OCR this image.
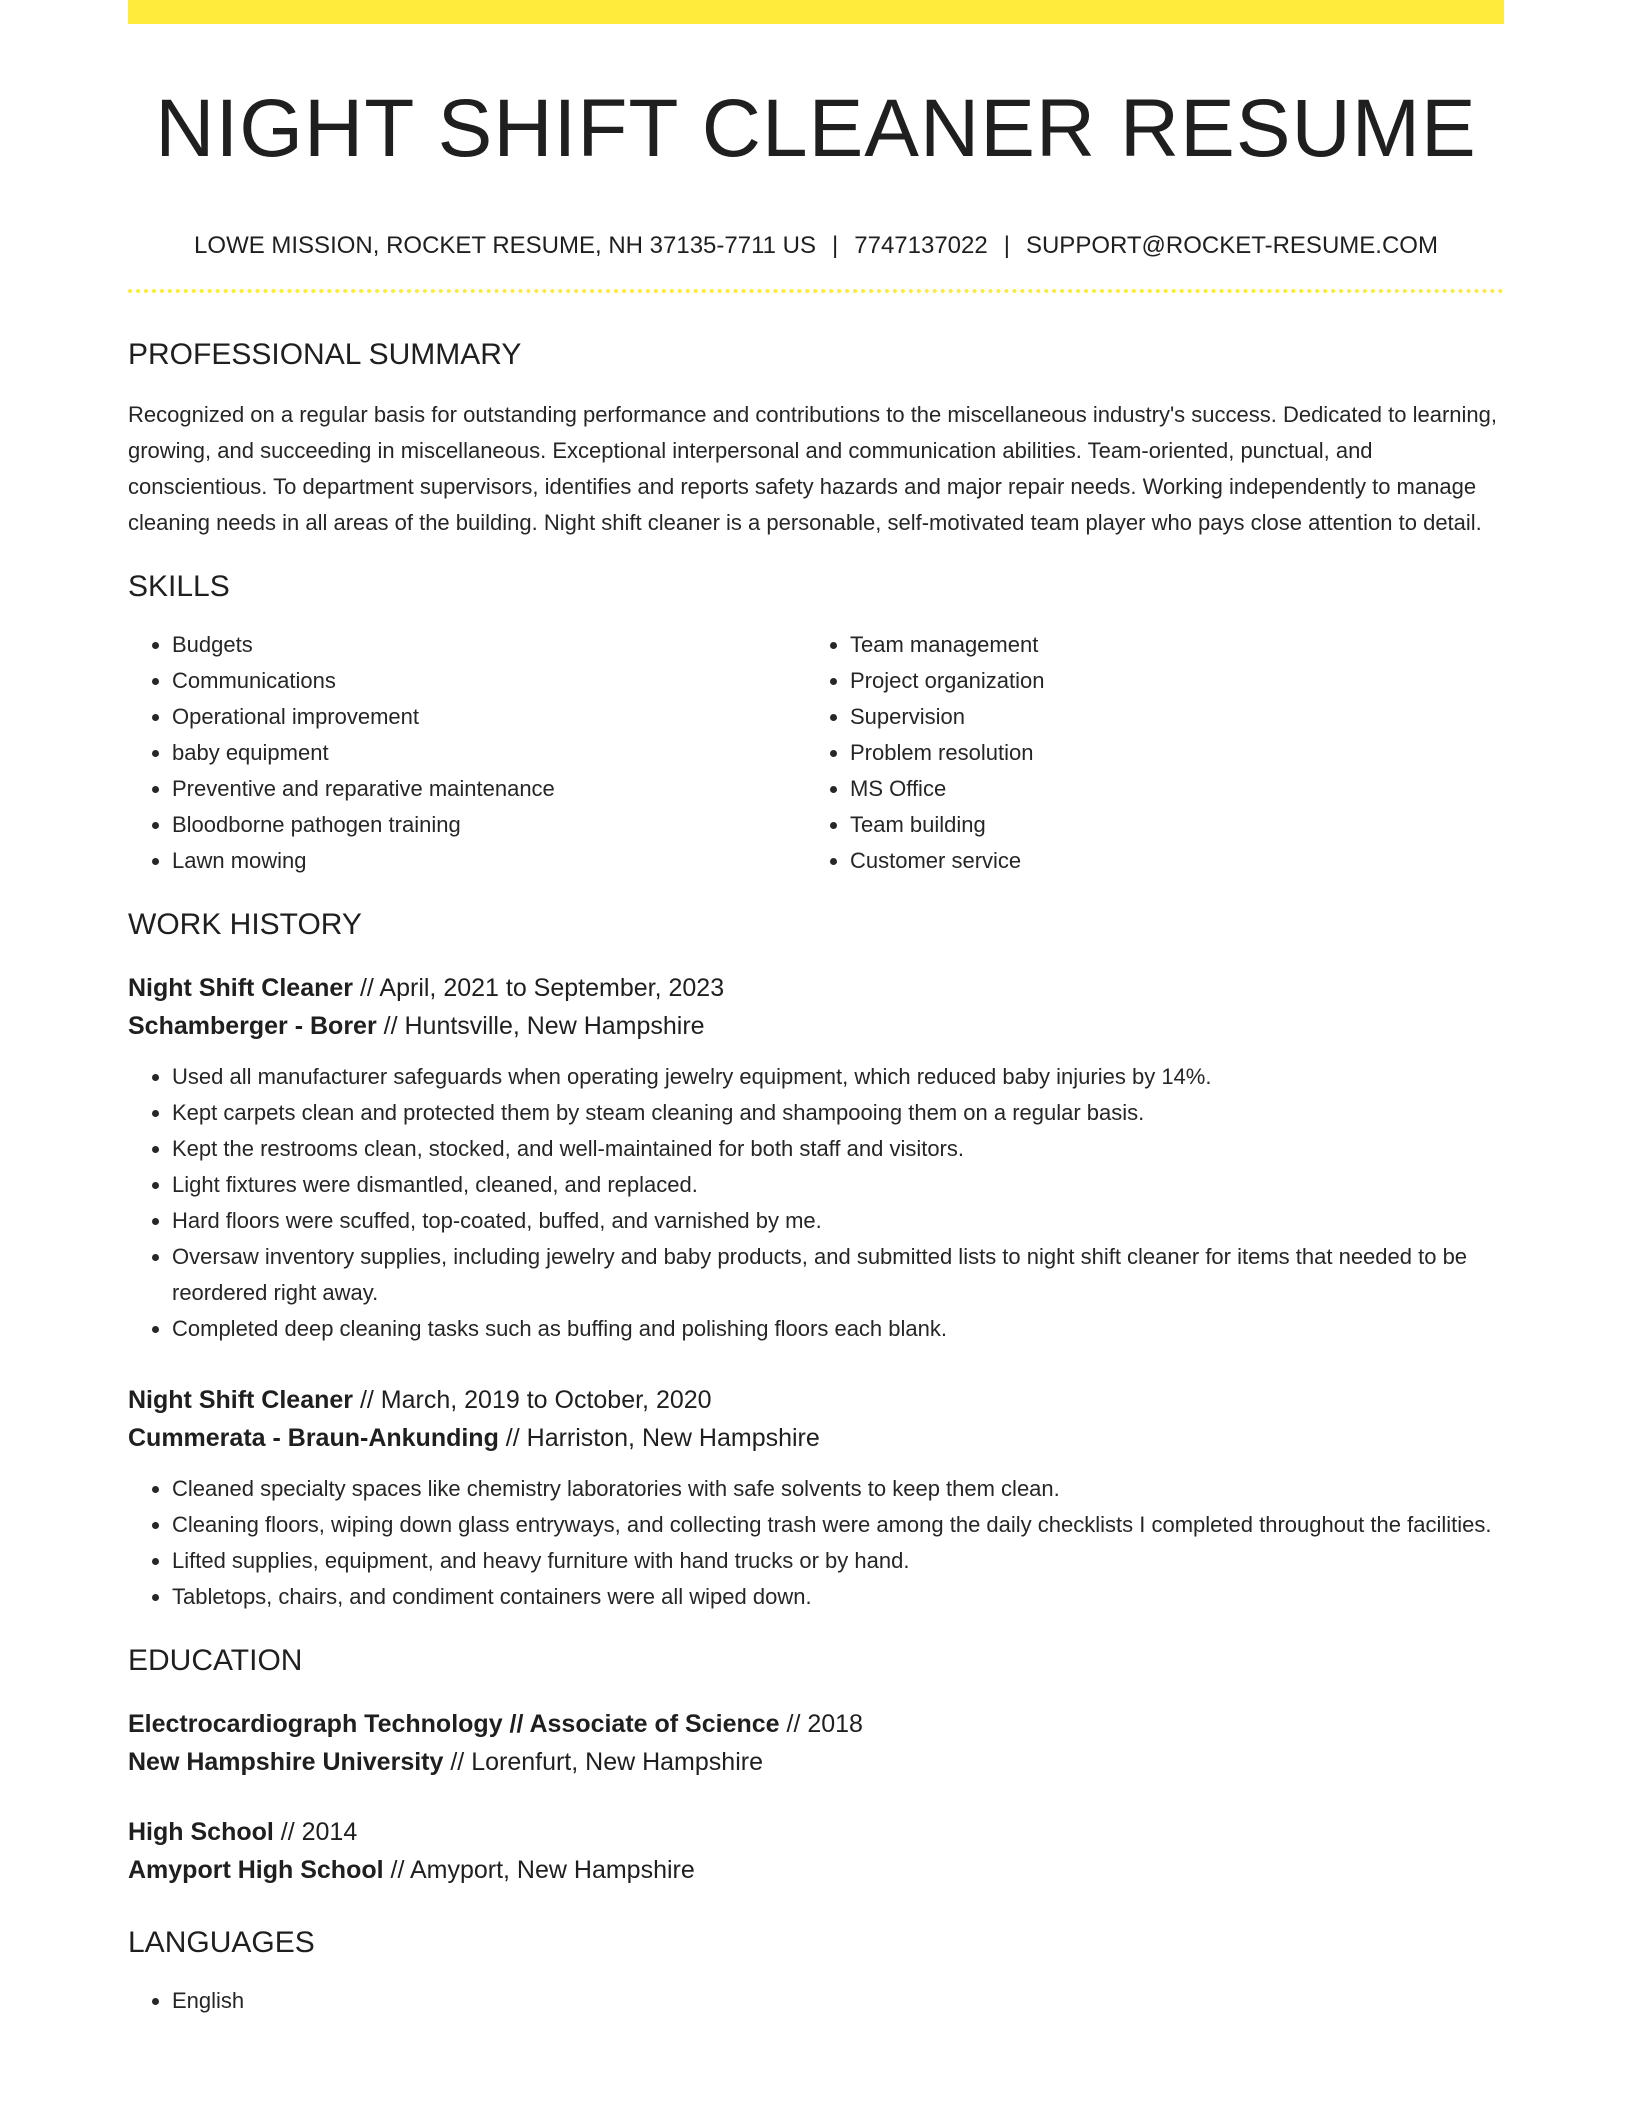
NIGHT SHIFT CLEANER RESUME
LOWE MISSION, ROCKET RESUME, NH 37135-7711 US | 7747137022 | SUPPORT@ROCKET-RESUME.COM
PROFESSIONAL SUMMARY

Recognized on a regular basis for outstanding performance and contributions to the miscellaneous industry's success. Dedicated to learning, growing, and succeeding in miscellaneous. Exceptional interpersonal and communication abilities. Team-oriented, punctual, and conscientious. To department supervisors, identifies and reports safety hazards and major repair needs. Working independently to manage cleaning needs in all areas of the building. Night shift cleaner is a personable, self-motivated team player who pays close attention to detail.

SKILLS
• Budgets
• Communications
• Operational improvement
• baby equipment
• Preventive and reparative maintenance
• Bloodborne pathogen training
• Lawn mowing
• Team management
• Project organization
• Supervision
• Problem resolution
• MS Office
• Team building
• Customer service
WORK HISTORY
Night Shift Cleaner // April, 2021 to September, 2023
Schamberger - Borer // Huntsville, New Hampshire
• Used all manufacturer safeguards when operating jewelry equipment, which reduced baby injuries by 14%.
• Kept carpets clean and protected them by steam cleaning and shampooing them on a regular basis.
• Kept the restrooms clean, stocked, and well-maintained for both staff and visitors.
• Light fixtures were dismantled, cleaned, and replaced.
• Hard floors were scuffed, top-coated, buffed, and varnished by me.
• Oversaw inventory supplies, including jewelry and baby products, and submitted lists to night shift cleaner for items that needed to be reordered right away.
• Completed deep cleaning tasks such as buffing and polishing floors each blank.
Night Shift Cleaner // March, 2019 to October, 2020
Cummerata - Braun-Ankunding // Harriston, New Hampshire
• Cleaned specialty spaces like chemistry laboratories with safe solvents to keep them clean.
• Cleaning floors, wiping down glass entryways, and collecting trash were among the daily checklists I completed throughout the facilities.
• Lifted supplies, equipment, and heavy furniture with hand trucks or by hand.
• Tabletops, chairs, and condiment containers were all wiped down.
EDUCATION
Electrocardiograph Technology // Associate of Science // 2018
New Hampshire University // Lorenfurt, New Hampshire
High School // 2014
Amyport High School // Amyport, New Hampshire
LANGUAGES
• English
